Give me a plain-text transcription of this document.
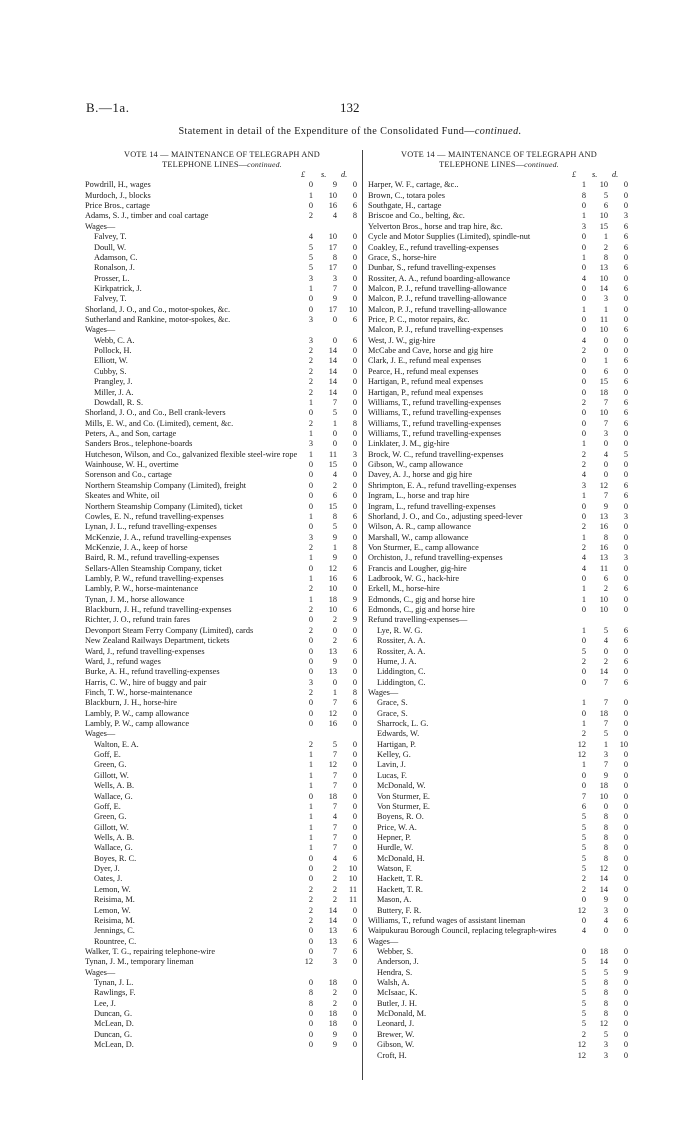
B.—1a.	132
Statement in detail of the Expenditure of the Consolidated Fund—continued.
VOTE 14 — MAINTENANCE OF TELEGRAPH AND
TELEPHONE LINES—continued.
£	s.	d.
Powdrill, H., wages	0	9	0
Murdoch, J., blocks	1	10	0
Price Bros., cartage	0	16	6
Adams, S. J., timber and coal cartage	2	4	8
Wages—
Falvey, T.	4	10	0
Doull, W.	5	17	0
Adamson, C.	5	8	0
Ronalson, J.	5	17	0
Prosser, L.	3	3	0
Kirkpatrick, J.	1	7	0
Falvey, T.	0	9	0
Shorland, J. O., and Co., motor-spokes, &c.	0	17	10
Sutherland and Rankine, motor-spokes, &c.	3	0	6
Wages—
Webb, C. A.	3	0	6
Pollock, H.	2	14	0
Elliott, W.	2	14	0
Cubby, S.	2	14	0
Prangley, J.	2	14	0
Miller, J. A.	2	14	0
Dowdall, R. S.	1	7	0
Shorland, J. O., and Co., Bell crank-levers	0	5	0
Mills, E. W., and Co. (Limited), cement, &c.	2	1	8
Peters, A., and Son, cartage	1	0	0
Sanders Bros., telephone-boards	3	0	0
Hutcheson, Wilson, and Co., galvanized flexible steel-wire rope	1	11	3
Wainhouse, W. H., overtime	0	15	0
Sorenson and Co., cartage	0	4	0
Northern Steamship Company (Limited), freight	0	2	0
Skeates and White, oil	0	6	0
Northern Steamship Company (Limited), ticket	0	15	0
Cowles, E. N., refund travelling-expenses	1	8	6
Lynan, J. L., refund travelling-expenses	0	5	0
McKenzie, J. A., refund travelling-expenses	3	9	0
McKenzie, J. A., keep of horse	2	1	8
Baird, R. M., refund travelling-expenses	1	9	0
Sellars-Allen Steamship Company, ticket	0	12	6
Lambly, P. W., refund travelling-expenses	1	16	6
Lambly, P. W., horse-maintenance	2	10	0
Tynan, J. M., horse allowance	1	18	9
Blackburn, J. H., refund travelling-expenses	2	10	6
Richter, J. O., refund train fares	0	2	9
Devonport Steam Ferry Company (Limited), cards	2	0	0
New Zealand Railways Department, tickets	0	2	6
Ward, J., refund travelling-expenses	0	13	6
Ward, J., refund wages	0	9	0
Burke, A. H., refund travelling-expenses	0	13	0
Harris, C. W., hire of buggy and pair	3	0	0
Finch, T. W., horse-maintenance	2	1	8
Blackburn, J. H., horse-hire	0	7	6
Lambly, P. W., camp allowance	0	12	0
Lambly, P. W., camp allowance	0	16	0
Wages—
Walton, E. A.	2	5	0
Goff, E.	1	7	0
Green, G.	1	12	0
Gillott, W.	1	7	0
Wells, A. B.	1	7	0
Wallace, G.	0	18	0
Goff, E.	1	7	0
Green, G.	1	4	0
Gillott, W.	1	7	0
Wells, A. B.	1	7	0
Wallace, G.	1	7	0
Boyes, R. C.	0	4	6
Dyer, J.	0	2	10
Oates, J.	0	2	10
Lemon, W.	2	2	11
Reisima, M.	2	2	11
Lemon, W.	2	14	0
Reisima, M.	2	14	0
Jennings, C.	0	13	6
Rountree, C.	0	13	6
Walker, T. G., repairing telephone-wire	0	7	6
Tynan, J. M., temporary lineman	12	3	0
Wages—
Tynan, J. L.	0	18	0
Rawlings, F.	8	2	0
Lee, J.	8	2	0
Duncan, G.	0	18	0
McLean, D.	0	18	0
Duncan, G.	0	9	0
McLean, D.	0	9	0
VOTE 14 — MAINTENANCE OF TELEGRAPH AND
TELEPHONE LINES—continued.
£	s.	d.
Harper, W. F., cartage, &c..	1	10	0
Brown, C., totara poles	8	5	0
Southgate, H., cartage	0	6	0
Briscoe and Co., belting, &c.	1	10	3
Yelverton Bros., horse and trap hire, &c.	3	15	6
Cycle and Motor Supplies (Limited), spindle-nut	0	1	6
Coakley, E., refund travelling-expenses	0	2	6
Grace, S., horse-hire	1	8	0
Dunbar, S., refund travelling-expenses	0	13	6
Rossiter, A. A., refund boarding-allowance	4	10	0
Malcon, P. J., refund travelling-allowance	0	14	6
Malcon, P. J., refund travelling-allowance	0	3	0
Malcon, P. J., refund travelling-allowance	1	1	0
Price, P. C., motor repairs, &c.	0	11	0
Malcon, P. J., refund travelling-expenses	0	10	6
West, J. W., gig-hire	4	0	0
McCabe and Cave, horse and gig hire	2	0	0
Clark, J. E., refund meal expenses	0	1	6
Pearce, H., refund meal expenses	0	6	0
Hartigan, P., refund meal expenses	0	15	6
Hartigan, P., refund meal expenses	0	18	0
Williams, T., refund travelling-expenses	2	7	6
Williams, T., refund travelling-expenses	0	10	6
Williams, T., refund travelling-expenses	0	7	6
Williams, T., refund travelling-expenses	0	3	0
Linklater, J. M., gig-hire	1	0	0
Brock, W. C., refund travelling-expenses	2	4	5
Gibson, W., camp allowance	2	0	0
Davey, A. J., horse and gig hire	4	0	0
Shrimpton, E. A., refund travelling-expenses	3	12	6
Ingram, L., horse and trap hire	1	7	6
Ingram, L., refund travelling-expenses	0	9	0
Shorland, J. O., and Co., adjusting speed-lever	0	13	3
Wilson, A. R., camp allowance	2	16	0
Marshall, W., camp allowance	1	8	0
Von Sturmer, E., camp allowance	2	16	0
Orchiston, J., refund travelling-expenses	4	13	3
Francis and Lougher, gig-hire	4	11	0
Ladbrook, W. G., hack-hire	0	6	0
Erkell, M., horse-hire	1	2	6
Edmonds, C., gig and horse hire	1	10	0
Edmonds, C., gig and horse hire	0	10	0
Refund travelling-expenses—
Lye, R. W. G.	1	5	6
Rossiter, A. A.	0	4	6
Rossiter, A. A.	5	0	0
Hume, J. A.	2	2	6
Liddington, C.	0	14	0
Liddington, C.	0	7	6
Wages—
Grace, S.	1	7	0
Grace, S.	0	18	0
Sharrock, L. G.	1	7	0
Edwards, W.	2	5	0
Hartigan, P.	12	1	10
Kelley, G.	12	3	0
Lavin, J.	1	7	0
Lucas, F.	0	9	0
McDonald, W.	0	18	0
Von Sturmer, E.	7	10	0
Von Sturmer, E.	6	0	0
Boyens, R. O.	5	8	0
Price, W. A.	5	8	0
Hepner, P.	5	8	0
Hurdle, W.	5	8	0
McDonald, H.	5	8	0
Watson, F.	5	12	0
Hackett, T. R.	2	14	0
Hackett, T. R.	2	14	0
Mason, A.	0	9	0
Buttery, F. R.	12	3	0
Williams, T., refund wages of assistant lineman	0	4	6
Waipukurau Borough Council, replacing telegraph-wires	4	0	0
Wages—
Webber, S.	0	18	0
Anderson, J.	5	14	0
Hendra, S.	5	5	9
Walsh, A.	5	8	0
McIsaac, K.	5	8	0
Butler, J. H.	5	8	0
McDonald, M.	5	8	0
Leonard, J.	5	12	0
Brewer, W.	2	5	0
Gibson, W.	12	3	0
Croft, H.	12	3	0
